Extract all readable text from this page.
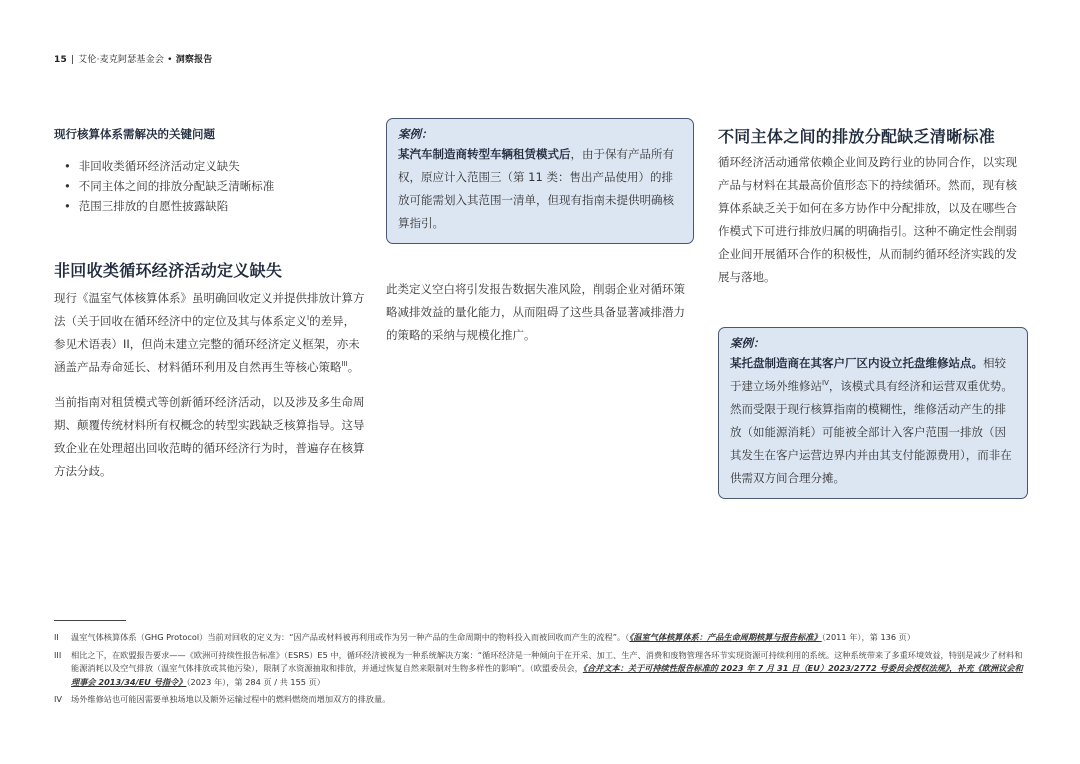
15 | 艾伦·麦克阿瑟基金会 • 洞察报告
现行核算体系需解决的关键问题
• 非回收类循环经济活动定义缺失
• 不同主体之间的排放分配缺乏清晰标准
• 范围三排放的自愿性披露缺陷
非回收类循环经济活动定义缺失

现行《温室气体核算体系》虽明确回收定义并提供排放计算方法（关于回收在循环经济中的定位及其与体系定义$^I$的差异，参见术语表）II，但尚未建立完整的循环经济定义框架，亦未涵盖产品寿命延长、材料循环利用及自然再生等核心策略$^{III}$。

当前指南对租赁模式等创新循环经济活动，以及涉及多生命周期、颠覆传统材料所有权概念的转型实践缺乏核算指导。这导致企业在处理超出回收范畴的循环经济行为时，普遍存在核算方法分歧。

案例：
某汽车制造商转型车辆租赁模式后，由于保有产品所有权，原应计入范围三（第 11 类：售出产品使用）的排放可能需划入其范围一清单，但现有指南未提供明确核算指引。
此类定义空白将引发报告数据失准风险，削弱企业对循环策略减排效益的量化能力，从而阻碍了这些具备显著减排潜力的策略的采纳与规模化推广。
不同主体之间的排放分配缺乏清晰标准
循环经济活动通常依赖企业间及跨行业的协同合作，以实现产品与材料在其最高价值形态下的持续循环。然而，现有核算体系缺乏关于如何在多方协作中分配排放，以及在哪些合作模式下可进行排放归属的明确指引。这种不确定性会削弱企业间开展循环合作的积极性，从而制约循环经济实践的发展与落地。
案例：
某托盘制造商在其客户厂区内设立托盘维修站点。相较于建立场外维修站$^{IV}$，该模式具有经济和运营双重优势。然而受限于现行核算指南的模糊性，维修活动产生的排放（如能源消耗）可能被全部计入客户范围一排放（因其发生在客户运营边界内并由其支付能源费用），而非在供需双方间合理分摊。
II	温室气体核算体系（GHG Protocol）当前对回收的定义为：“因产品或材料被再利用或作为另一种产品的生命周期中的物料投入而被回收而产生的流程”。（《温室气体核算体系：产品生命周期核算与报告标准》（2011 年），第 136 页）
III	相比之下，在欧盟报告要求——《欧洲可持续性报告标准》（ESRS）E5 中，循环经济被视为一种系统解决方案：“循环经济是一种倾向于在开采、加工、生产、消费和废物管理各环节实现资源可持续利用的系统。这种系统带来了多重环境效益，特别是减少了材料和能源消耗以及空气排放（温室气体排放或其他污染），限制了水资源抽取和排放，并通过恢复自然来限制对生物多样性的影响”。（欧盟委员会，《合并文本：关于可持续性报告标准的 2023 年 7 月 31 日（EU）2023/2772 号委员会授权法规》，补充《欧洲议会和理事会 2013/34/EU 号指令》（2023 年），第 284 页 / 共 155 页）
IV	场外维修站也可能因需要单独场地以及额外运输过程中的燃料燃烧而增加双方的排放量。
